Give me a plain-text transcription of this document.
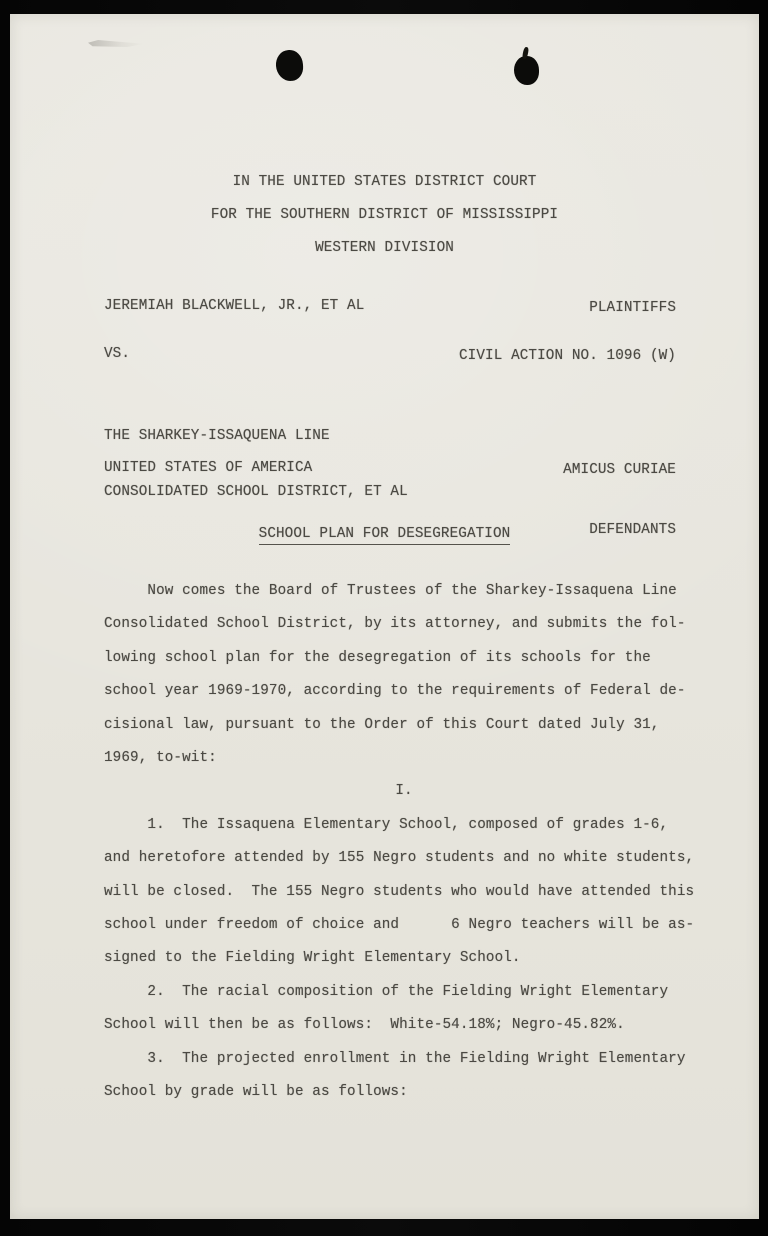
IN THE UNITED STATES DISTRICT COURT
FOR THE SOUTHERN DISTRICT OF MISSISSIPPI
WESTERN DIVISION
JEREMIAH BLACKWELL, JR., ET AL	PLAINTIFFS
VS.	CIVIL ACTION NO. 1096 (W)

THE SHARKEY-ISSAQUENA LINE

CONSOLIDATED SCHOOL DISTRICT, ET AL

DEFENDANTS
UNITED STATES OF AMERICA	AMICUS CURIAE
SCHOOL PLAN FOR DESEGREGATION
Now comes the Board of Trustees of the Sharkey-Issaquena Line
Consolidated School District, by its attorney, and submits the fol-
lowing school plan for the desegregation of its schools for the
school year 1969-1970, according to the requirements of Federal de-
cisional law, pursuant to the Order of this Court dated July 31,
1969, to-wit:
I.
1.  The Issaquena Elementary School, composed of grades 1-6,
and heretofore attended by 155 Negro students and no white students,
will be closed.  The 155 Negro students who would have attended this
school under freedom of choice and      6 Negro teachers will be as-
signed to the Fielding Wright Elementary School.
2.  The racial composition of the Fielding Wright Elementary
School will then be as follows:  White-54.18%; Negro-45.82%.
3.  The projected enrollment in the Fielding Wright Elementary
School by grade will be as follows:
